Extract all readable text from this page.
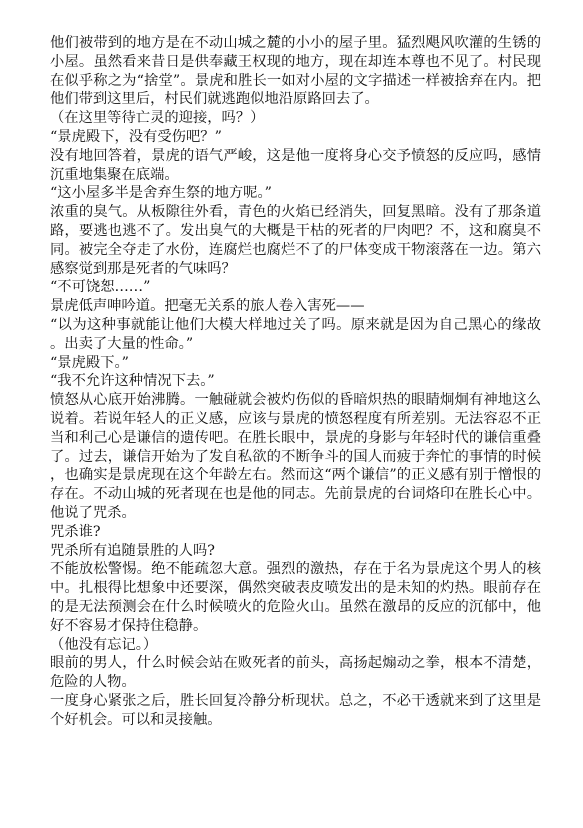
他们被带到的地方是在不动山城之麓的小小的屋子里。猛烈飓风吹灌的生锈的小屋。虽然看来昔日是供奉藏王权现的地方，现在却连本尊也不见了。村民现在似乎称之为“捨堂”。景虎和胜长一如对小屋的文字描述一样被捨弃在内。把他们带到这里后，村民们就逃跑似地沿原路回去了。

（在这里等待亡灵的迎接，吗？）

“景虎殿下，没有受伤吧？”

没有地回答着，景虎的语气严峻，这是他一度将身心交予愤怒的反应吗，感情沉重地集聚在底端。

“这小屋多半是舍弃生祭的地方呢。”

浓重的臭气。从板隙往外看，青色的火焰已经消失，回复黑暗。没有了那条道路，要逃也逃不了。发出臭气的大概是干枯的死者的尸肉吧？不，这和腐臭不同。被完全夺走了水份，连腐烂也腐烂不了的尸体变成干物滚落在一边。第六感察觉到那是死者的气味吗？

“不可饶恕……”

景虎低声呻吟道。把毫无关系的旅人卷入害死——

“以为这种事就能让他们大模大样地过关了吗。原来就是因为自己黑心的缘故。出卖了大量的性命。”

“景虎殿下。”

“我不允许这种情况下去。”

愤怒从心底开始沸腾。一触碰就会被灼伤似的昏暗炽热的眼睛炯炯有神地这么说着。若说年轻人的正义感，应该与景虎的愤怒程度有所差别。无法容忍不正当和利己心是谦信的遗传吧。在胜长眼中，景虎的身影与年轻时代的谦信重叠了。过去，谦信开始为了发自私欲的不断争斗的国人而疲于奔忙的事情的时候，也确实是景虎现在这个年龄左右。然而这“两个谦信”的正义感有别于憎恨的存在。不动山城的死者现在也是他的同志。先前景虎的台词烙印在胜长心中。他说了咒杀。

咒杀谁?

咒杀所有追随景胜的人吗?

不能放松警惕。绝不能疏忽大意。强烈的激热，存在于名为景虎这个男人的核中。扎根得比想象中还要深，偶然突破表皮喷发出的是未知的灼热。眼前存在的是无法预测会在什么时候喷火的危险火山。虽然在激昂的反应的沉郁中，他好不容易才保持住稳静。

（他没有忘记。）

眼前的男人，什么时候会站在败死者的前头，高扬起煽动之拳，根本不清楚，危险的人物。

一度身心紧张之后，胜长回复冷静分析现状。总之，不必干透就来到了这里是个好机会。可以和灵接触。
